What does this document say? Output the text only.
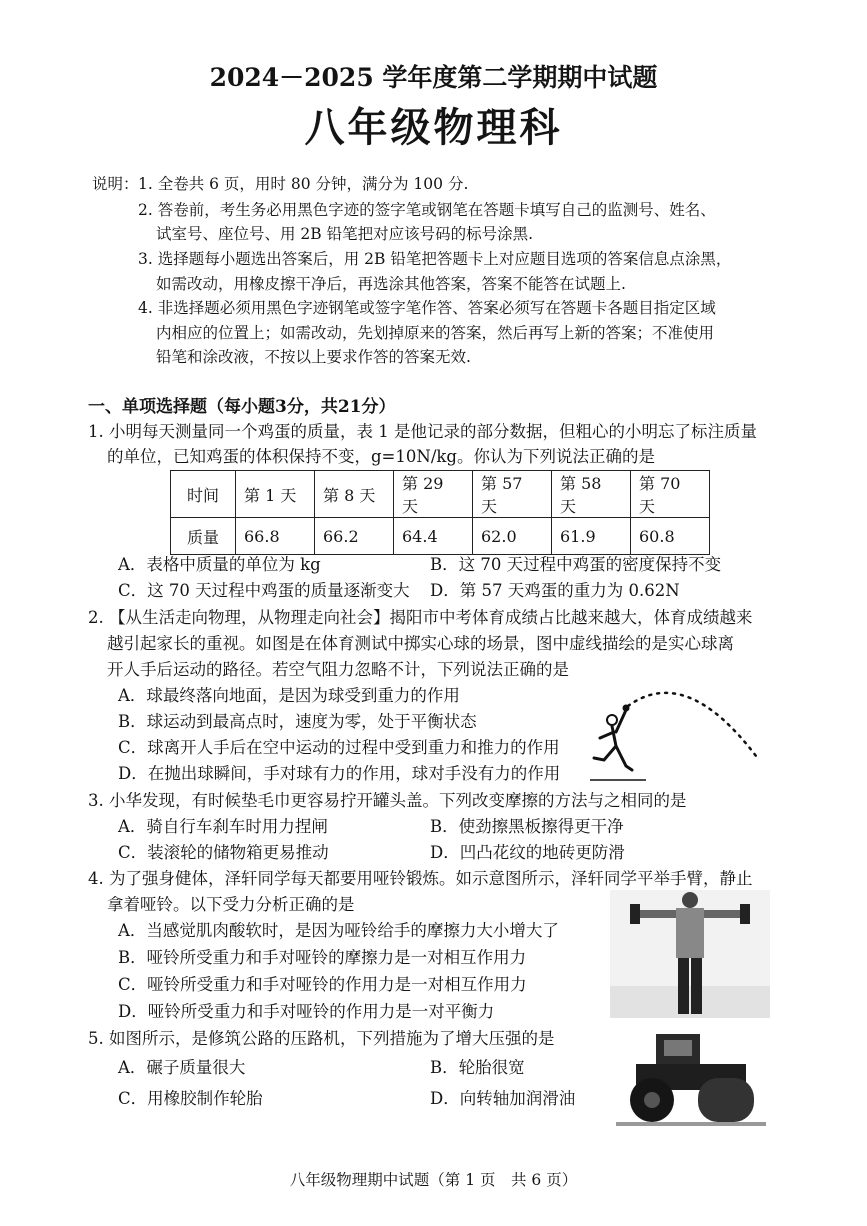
2024－2025 学年度第二学期期中试题
八年级物理科
说明： 1. 全卷共 6 页，用时 80 分钟，满分为 100 分.
2. 答卷前，考生务必用黑色字迹的签字笔或钢笔在答题卡填写自己的监测号、姓名、
试室号、座位号、用 2B 铅笔把对应该号码的标号涂黑.
3. 选择题每小题选出答案后，用 2B 铅笔把答题卡上对应题目选项的答案信息点涂黑，
如需改动，用橡皮擦干净后，再选涂其他答案，答案不能答在试题上.
4. 非选择题必须用黑色字迹钢笔或签字笔作答、答案必须写在答题卡各题目指定区域
内相应的位置上；如需改动，先划掉原来的答案，然后再写上新的答案；不准使用
铅笔和涂改液，不按以上要求作答的答案无效.
一、单项选择题（每小题3分，共21分）
1. 小明每天测量同一个鸡蛋的质量，表 1 是他记录的部分数据，但粗心的小明忘了标注质量
的单位，已知鸡蛋的体积保持不变，g=10N/kg。你认为下列说法正确的是
时间	第 1 天	第 8 天	第 29 天	第 57 天	第 58 天	第 70 天
质量	66.8	66.2	64.4	62.0	61.9	60.8
A．表格中质量的单位为 kg	B．这 70 天过程中鸡蛋的密度保持不变
C．这 70 天过程中鸡蛋的质量逐渐变大 D．第 57 天鸡蛋的重力为 0.62N
2. 【从生活走向物理，从物理走向社会】揭阳市中考体育成绩占比越来越大，体育成绩越来
越引起家长的重视。如图是在体育测试中掷实心球的场景，图中虚线描绘的是实心球离
开人手后运动的路径。若空气阻力忽略不计，下列说法正确的是
A．球最终落向地面，是因为球受到重力的作用
B．球运动到最高点时，速度为零，处于平衡状态
C．球离开人手后在空中运动的过程中受到重力和推力的作用
D．在抛出球瞬间，手对球有力的作用，球对手没有力的作用
3. 小华发现，有时候垫毛巾更容易拧开罐头盖。下列改变摩擦的方法与之相同的是
A．骑自行车刹车时用力捏闸	B．使劲擦黑板擦得更干净
C．装滚轮的储物箱更易推动	D．凹凸花纹的地砖更防滑
4. 为了强身健体，泽轩同学每天都要用哑铃锻炼。如示意图所示，泽轩同学平举手臂，静止
拿着哑铃。以下受力分析正确的是
A．当感觉肌肉酸软时，是因为哑铃给手的摩擦力大小增大了
B．哑铃所受重力和手对哑铃的摩擦力是一对相互作用力
C．哑铃所受重力和手对哑铃的作用力是一对相互作用力
D．哑铃所受重力和手对哑铃的作用力是一对平衡力
5. 如图所示，是修筑公路的压路机，下列措施为了增大压强的是
A．碾子质量很大	B．轮胎很宽
C．用橡胶制作轮胎	D．向转轴加润滑油
八年级物理期中试题（第 1 页　共 6 页）
